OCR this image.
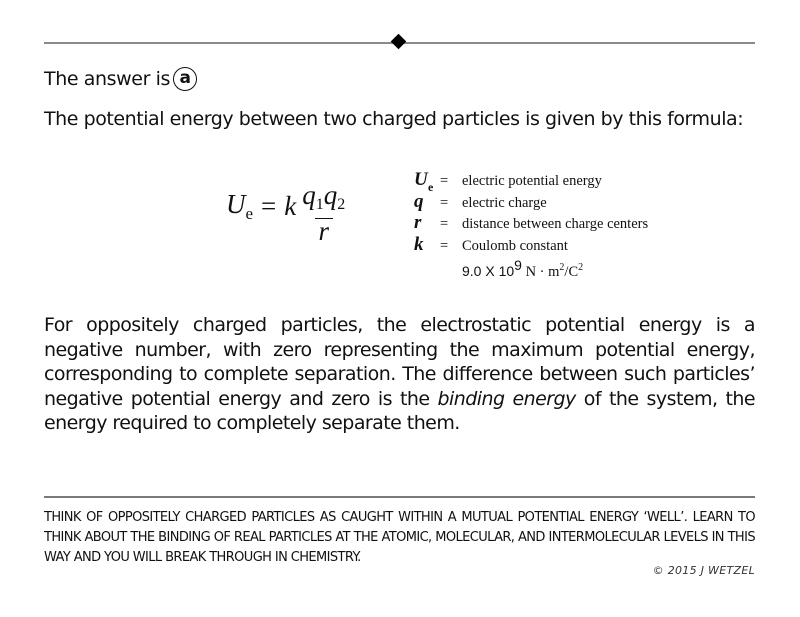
The answer is a
The potential energy between two charged particles is given by this formula:
$U_e = k \frac{q1q2}{r}$
U e = electric potential energy
q	= electric charge
r	= distance between charge centers
k	= Coulomb constant
9.0 X $10^9$ $N \cdot m^2/C^2$
For oppositely charged particles, the electrostatic potential energy is a negative number, with zero representing the maximum potential energy, corresponding to complete separation. The difference between such particles’ negative potential energy and zero is the binding energy of the system, the energy required to completely separate them.
THINK OF OPPOSITELY CHARGED PARTICLES AS CAUGHT WITHIN A MUTUAL POTENTIAL ENERGY ‘WELL’. LEARN TO THINK ABOUT THE BINDING OF REAL PARTICLES AT THE ATOMIC, MOLECULAR, AND INTERMOLECULAR LEVELS IN THIS WAY AND YOU WILL BREAK THROUGH IN CHEMISTRY.
© 2015 J WETZEL
